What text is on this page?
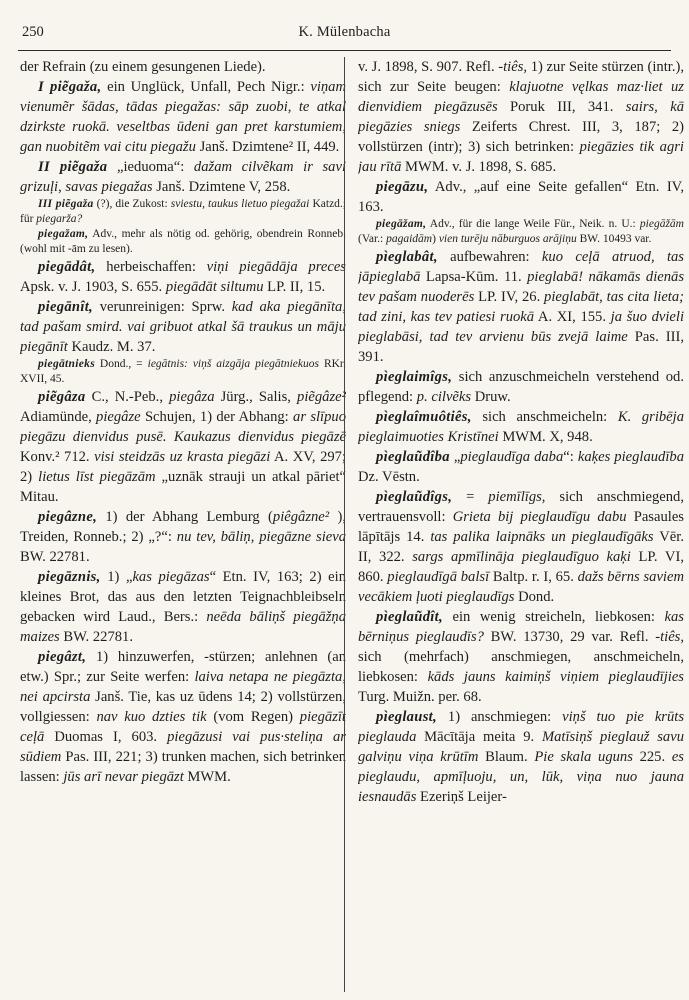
250	K. Mülenbacha

der Refrain (zu einem gesungenen Liede).

I piẽgaža, ein Unglück, Unfall, Pech Nigr.: viņam vienumẽr šādas, tādas piegažas: sāp zuobi, te atkal dzirkste ruokā. veseltbas ūdeni gan pret karstumiem, gan nuobitẽm vai citu piegažu Janš. Dzimtene² II, 449.

II piẽgaža „ieduoma“: dažam cilvẽkam ir savi grizuļi, savas piegažas Janš. Dzimtene V, 258.

III piẽgaža (?), die Zukost: sviestu, taukus lietuo piegažai Katzd.; für piegarža?

piegažam, Adv., mehr als nötig od. gehörig, obendrein Ronneb. (wohl mit -ām zu lesen).

piegādât, herbeischaffen: viņi piegādāja preces Apsk. v. J. 1903, S. 655. piegādāt siltumu LP. II, 15.

piegānît, verunreinigen: Sprw. kad aka piegānīta, tad pašam smird. vai gribuot atkal šā traukus un māju piegānīt Kaudz. M. 37.

piegātnieks Dond., = iegātnis: viņš aizgāja piegātniekuos RKr. XVII, 45.

piẽgâza C., N.-Peb., piegâza Jürg., Salis, piẽgâze² Adiamünde, piegâze Schujen, 1) der Abhang: ar slīpuo piegāzu dienvidus pusē. Kaukazus dienvidus piegāzē Konv.² 712. visi steidzās uz krasta piegāzi A. XV, 297; 2) lietus līst piegāzām „uznāk strauji un atkal pāriet“ Mitau.

piegâzne, 1) der Abhang Lemburg (piêgâzne² ), Treiden, Ronneb.; 2) „?“: nu tev, bāliņ, piegāzne sieva BW. 22781.

piegāznis, 1) „kas piegāzas“ Etn. IV, 163; 2) ein kleines Brot, das aus den letzten Teignachbleibseln gebacken wird Laud., Bers.: neēda bāliņš piegāžņa maizes BW. 22781.

piegâzt, 1) hinzuwerfen, -stürzen; anlehnen (an etw.) Spr.; zur Seite werfen: laiva netapa ne piegāzta, nei apcirsta Janš. Tie, kas uz ūdens 14; 2) vollstürzen, vollgiessen: nav kuo dzties tik (vom Regen) piegāzīt ceļā Duomas I, 603. piegāzusi vai pus·steliņa ar sūdiem Pas. III, 221; 3) trunken machen, sich betrinken lassen: jūs arī nevar piegāzt MWM.

v. J. 1898, S. 907. Refl. -tiês, 1) zur Seite stürzen (intr.), sich zur Seite beugen: klajuotne vęlkas maz·liet uz dienvidiem piegāzusēs Poruk III, 341. sairs, kā piegāzies sniegs Zeiferts Chrest. III, 3, 187; 2) vollstürzen (intr); 3) sich betrinken: piegāzies tik agri jau rītā MWM. v. J. 1898, S. 685.

piegāzu, Adv., „auf eine Seite gefallen“ Etn. IV, 163.

piegāžam, Adv., für die lange Weile Für., Neik. n. U.: piegāžām (Var.: pagaidām) vien turēju nāburguos arājiņu BW. 10493 var.

pìeglabât, aufbewahren: kuo ceļā atruod, tas jāpieglabā Lapsa-Kūm. 11. pieglabā! nākamās dienās tev pašam nuoderēs LP. IV, 26. pieglabāt, tas cita lieta; tad zini, kas tev patiesi ruokā A. XI, 155. ja šuo dvieli pieglabāsi, tad tev arvienu būs zvejā laime Pas. III, 391.

pìeglaimîgs, sich anzuschmeicheln verstehend od. pflegend: p. cilvẽks Druw.

pìeglaîmuôtiês, sich anschmeicheln: K. gribēja pieglaimuoties Kristīnei MWM. X, 948.

pìeglaũdîba „pieglaudīga daba“: kaķes pieglaudība Dz. Vēstn.

pìeglaũdîgs, = piemīlīgs, sich anschmiegend, vertrauensvoll: Grieta bij pieglaudīgu dabu Pasaules lāpītājs 14. tas palika laipnāks un pieglaudīgāks Vēr. II, 322. sargs apmīlināja pieglaudīguo kaķi LP. VI, 860. pieglaudīgā balsī Baltp. r. I, 65. dažs bērns saviem vecākiem ļuoti pieglaudīgs Dond.

pìeglaũdît, ein wenig streicheln, liebkosen: kas bērniņus pieglaudīs? BW. 13730, 29 var. Refl. -tiês, sich (mehrfach) anschmiegen, anschmeicheln, liebkosen: kāds jauns kaimiņš viņiem pieglaudījies Turg. Muižn. per. 68.

pìeglaust, 1) anschmiegen: viņš tuo pie krūts pieglauda Mācītāja meita 9. Matīsiņš pieglauž savu galviņu viņa krūtīm Blaum. Pie skala uguns 225. es pieglaudu, apmīļuoju, un, lūk, viņa nuo jauna iesnaudās Ezeriņš Leijer-
